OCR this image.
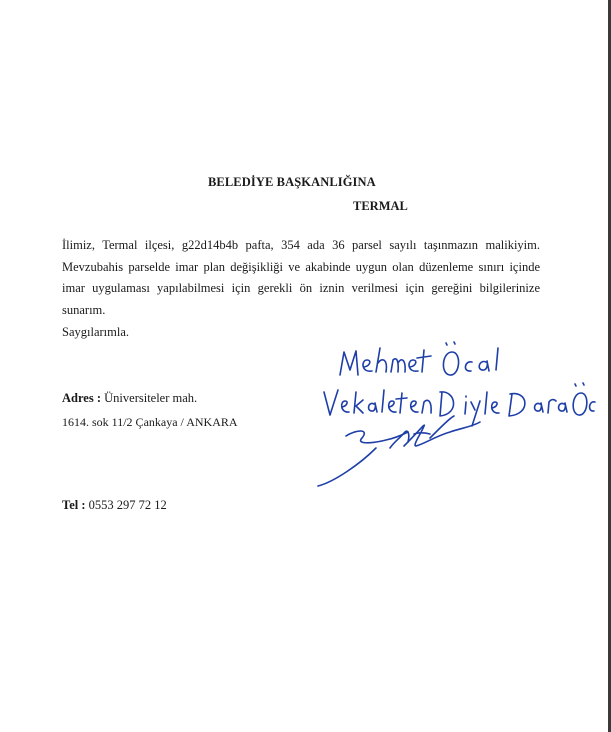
BELEDİYE BAŞKANLIĞINA
TERMAL
İlimiz, Termal ilçesi, g22d14b4b pafta, 354 ada 36 parsel sayılı taşınmazın malikiyim.
Mevzubahis parselde imar plan değişikliği ve akabinde uygun olan düzenleme sınırı içinde
imar uygulaması yapılabilmesi için gerekli ön iznin verilmesi için gereğini bilgilerinize
sunarım.
Saygılarımla.
Adres : Üniversiteler mah.
1614. sok 11/2 Çankaya / ANKARA
Tel : 0553 297 72 12
